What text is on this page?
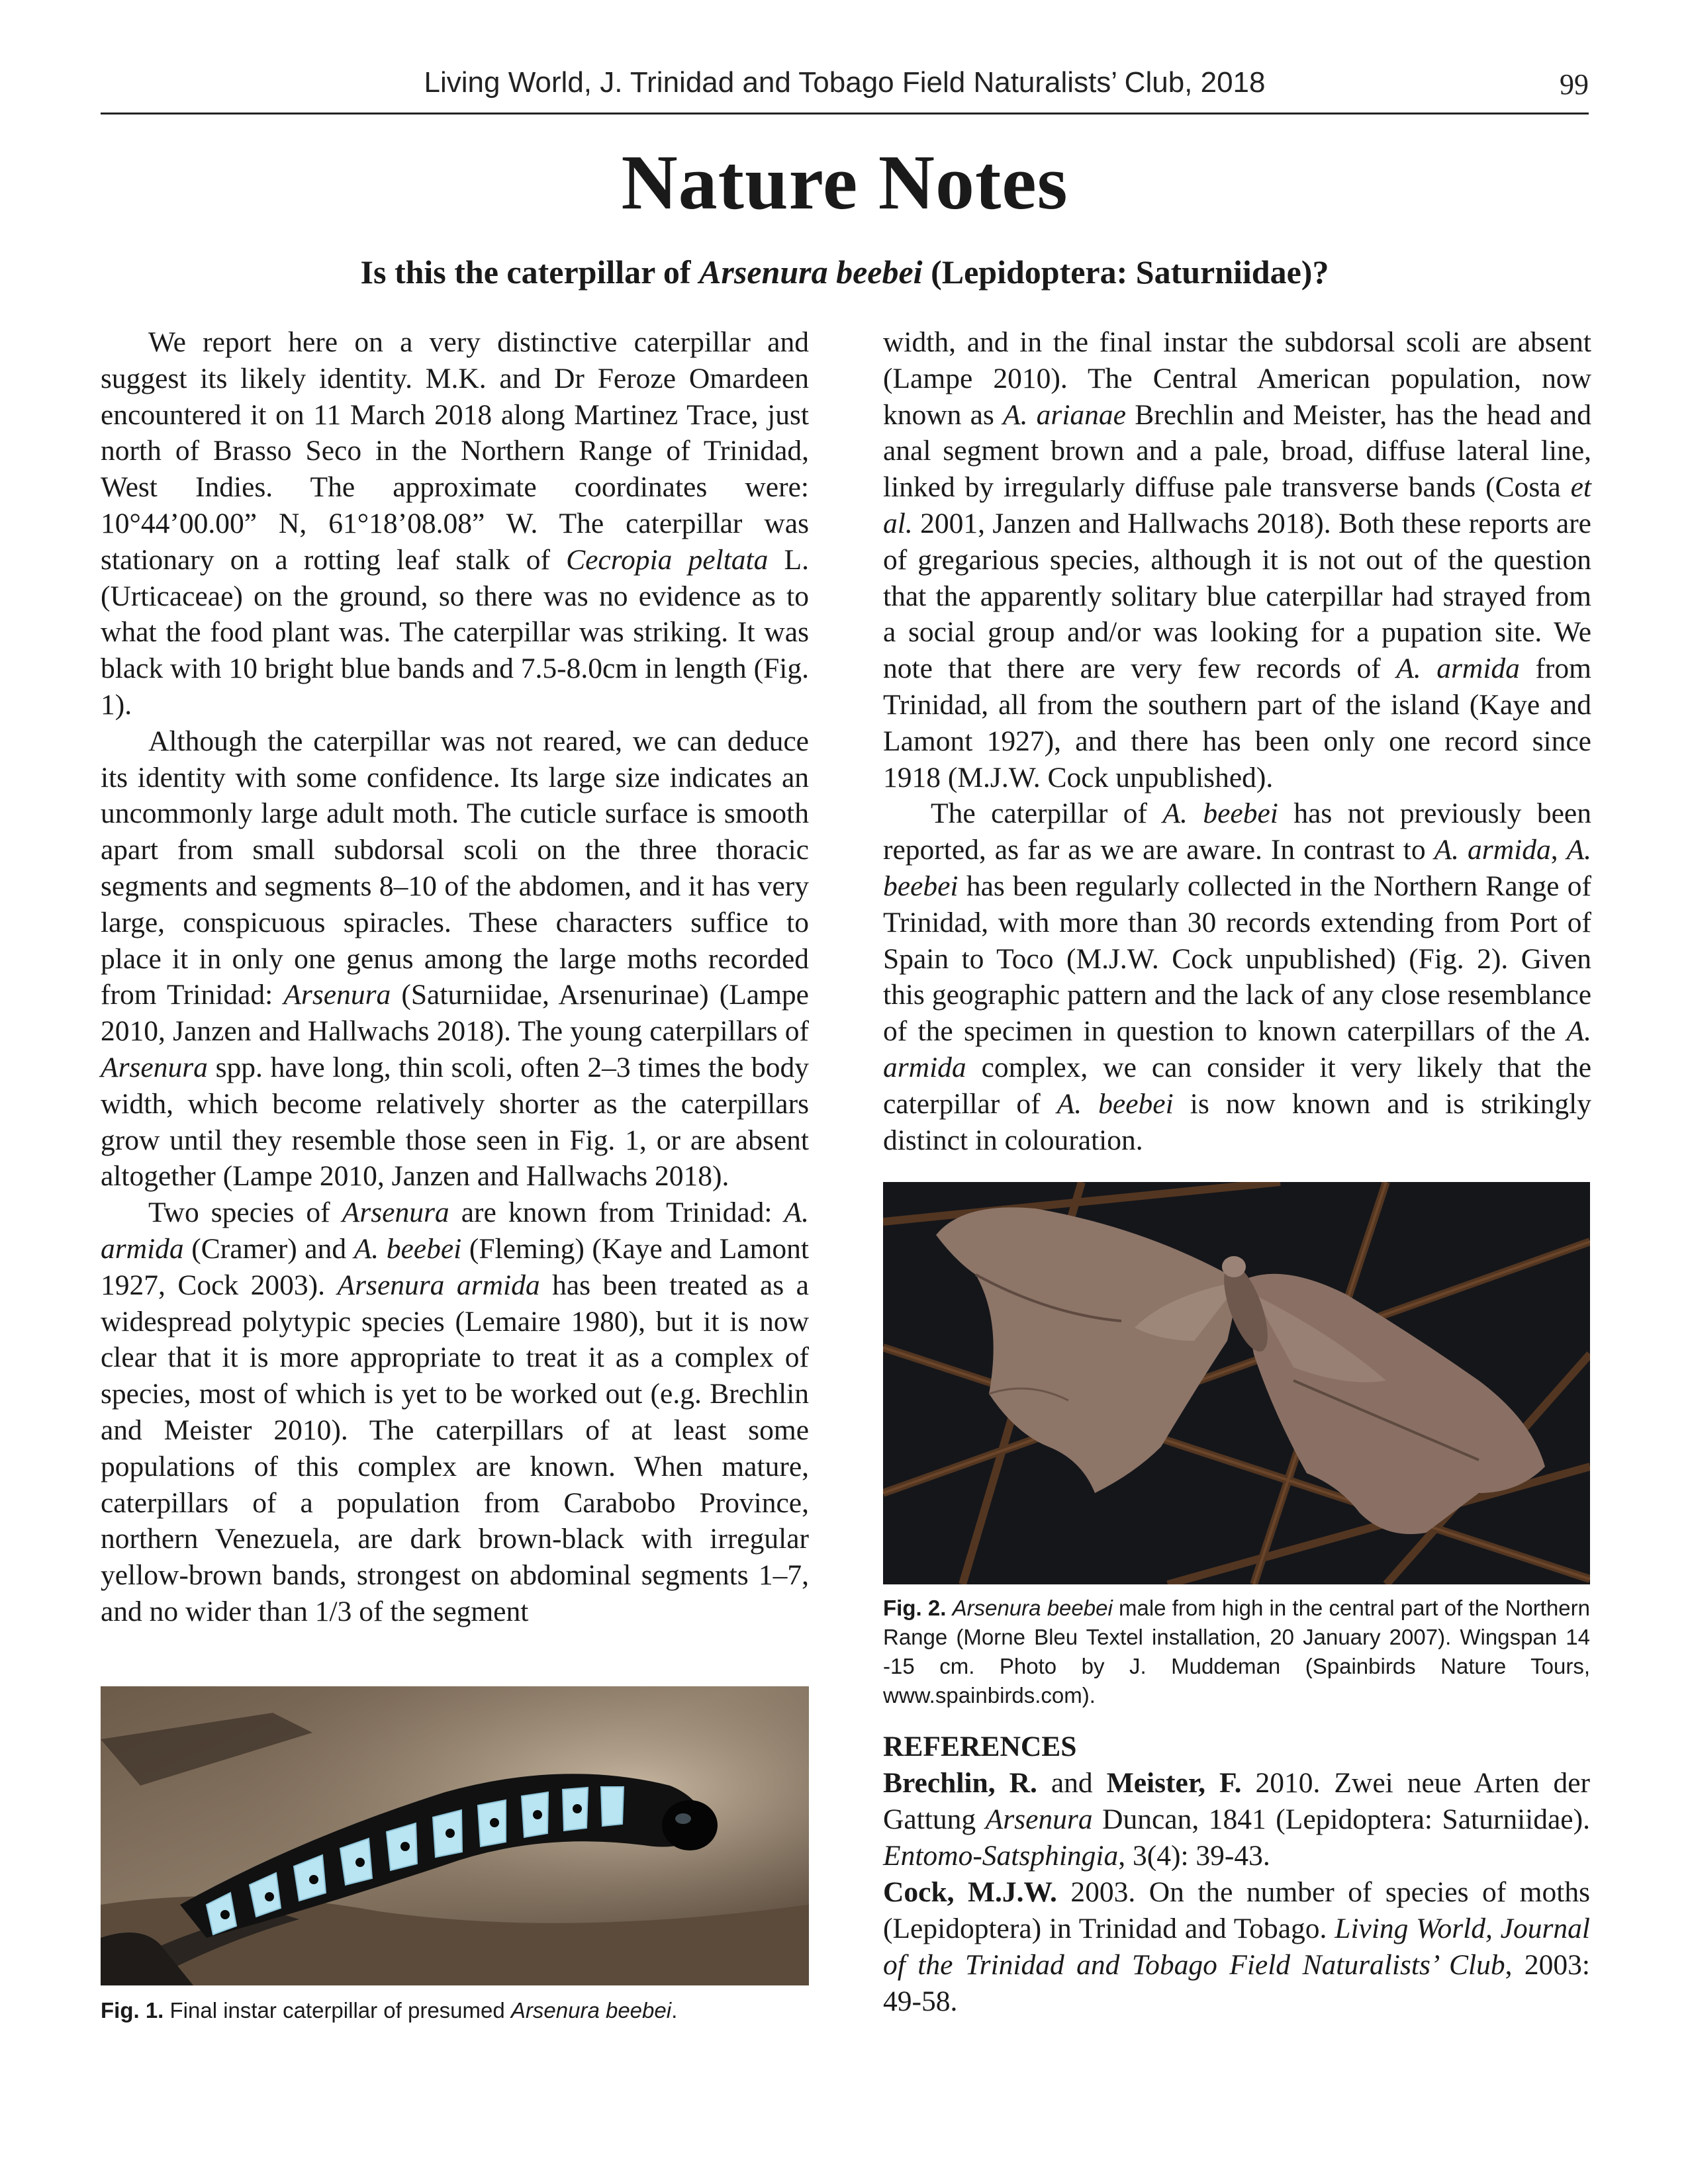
Living World, J. Trinidad and Tobago Field Naturalists’ Club, 2018	99
Nature Notes
Is this the caterpillar of Arsenura beebei (Lepidoptera: Saturniidae)?

We report here on a very distinctive caterpillar and suggest its likely identity. M.K. and Dr Feroze Omardeen encountered it on 11 March 2018 along Martinez Trace, just north of Brasso Seco in the Northern Range of Trinidad, West Indies. The approximate coordinates were: 10°44’00.00” N, 61°18’08.08” W. The caterpillar was stationary on a rotting leaf stalk of Cecropia peltata L. (Urticaceae) on the ground, so there was no evidence as to what the food plant was. The caterpillar was striking. It was black with 10 bright blue bands and 7.5-8.0cm in length (Fig. 1).

Although the caterpillar was not reared, we can deduce its identity with some confidence. Its large size indicates an uncommonly large adult moth. The cuticle surface is smooth apart from small subdorsal scoli on the three thoracic segments and segments 8–10 of the abdomen, and it has very large, conspicuous spiracles. These characters suffice to place it in only one genus among the large moths recorded from Trinidad: Arsenura (Saturniidae, Arsenurinae) (Lampe 2010, Janzen and Hallwachs 2018). The young caterpillars of Arsenura spp. have long, thin scoli, often 2–3 times the body width, which become relatively shorter as the caterpillars grow until they resemble those seen in Fig. 1, or are absent altogether (Lampe 2010, Janzen and Hallwachs 2018).

Two species of Arsenura are known from Trinidad: A. armida (Cramer) and A. beebei (Fleming) (Kaye and Lamont 1927, Cock 2003). Arsenura armida has been treated as a widespread polytypic species (Lemaire 1980), but it is now clear that it is more appropriate to treat it as a complex of species, most of which is yet to be worked out (e.g. Brechlin and Meister 2010). The caterpillars of at least some populations of this complex are known. When mature, caterpillars of a population from Carabobo Province, northern Venezuela, are dark brown-black with irregular yellow-brown bands, strongest on abdominal segments 1–7, and no wider than 1/3 of the segment

Fig. 1. Final instar caterpillar of presumed Arsenura beebei.

width, and in the final instar the subdorsal scoli are absent (Lampe 2010). The Central American population, now known as A. arianae Brechlin and Meister, has the head and anal segment brown and a pale, broad, diffuse lateral line, linked by irregularly diffuse pale transverse bands (Costa et al. 2001, Janzen and Hallwachs 2018). Both these reports are of gregarious species, although it is not out of the question that the apparently solitary blue caterpillar had strayed from a social group and/or was looking for a pupation site. We note that there are very few records of A. armida from Trinidad, all from the southern part of the island (Kaye and Lamont 1927), and there has been only one record since 1918 (M.J.W. Cock unpublished).

The caterpillar of A. beebei has not previously been reported, as far as we are aware. In contrast to A. armida, A. beebei has been regularly collected in the Northern Range of Trinidad, with more than 30 records extending from Port of Spain to Toco (M.J.W. Cock unpublished) (Fig. 2). Given this geographic pattern and the lack of any close resemblance of the specimen in question to known caterpillars of the A. armida complex, we can consider it very likely that the caterpillar of A. beebei is now known and is strikingly distinct in colouration.

Fig. 2. Arsenura beebei male from high in the central part of the Northern Range (Morne Bleu Textel installation, 20 January 2007). Wingspan 14 -15 cm. Photo by J. Muddeman (Spainbirds Nature Tours, www.spainbirds.com).

REFERENCES

Brechlin, R. and Meister, F. 2010. Zwei neue Arten der Gattung Arsenura Duncan, 1841 (Lepidoptera: Saturniidae). Entomo-Satsphingia, 3(4): 39-43.

Cock, M.J.W. 2003. On the number of species of moths (Lepidoptera) in Trinidad and Tobago. Living World, Journal of the Trinidad and Tobago Field Naturalists’ Club, 2003: 49-58.
